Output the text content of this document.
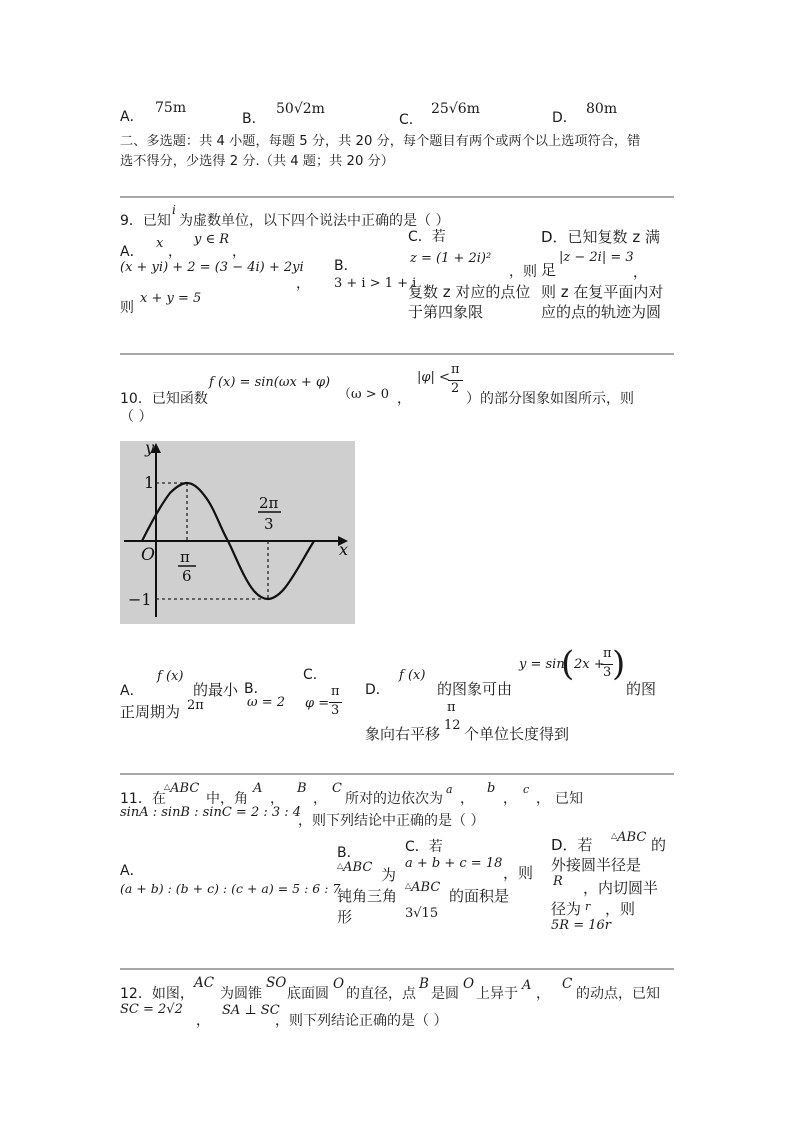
A．
75m
B．
50√2m
C．
25√6m
D．
80m
二、多选题：共 4 小题，每题 5 分，共 20 分，每个题目有两个或两个以上选项符合，错
选不得分，少选得 2 分.（共 4 题；共 20 分）
9．已知
i
为虚数单位，以下四个说法中正确的是（ ）
A．
x
，
y ∈ R
，
(x + yi) + 2 = (3 − 4i) + 2yi
，
则
x + y = 5
B．
3 + i > 1 + i
C．若
z = (1 + 2i)²
，则
复数 z 对应的点位
于第四象限
D．已知复数 z 满
足
|z − 2i| = 3
，
则 z 在复平面内对
应的点的轨迹为圆
10．已知函数
f (x) = sin(ωx + φ)
（ω > 0 ，
|φ| <
π
2
）的部分图象如图所示，则
（ ）
y
x
O
1
−1
π
6
2π
3
A．
f (x)
的最小
正周期为 2π
B．
ω = 2
C．
φ =
π
3
D．
f (x)
的图象可由
y = sin
( 2x +
π
3 )
的图
象向右平移
π
12 个单位长度得到
11．在
△ABC
中，角
A
，
B
，
C
所对的边依次为
a
，
b
，
c
， 已知
sinA : sinB : sinC = 2 : 3 : 4
，则下列结论中正确的是（ ）
A．
(a + b) : (b + c) : (c + a) = 5 : 6 : 7
B．
△ABC 为
钝角三角
形
C．若
a + b + c = 18
，则
△ABC 的面积是
3√15
D．若
△ABC 的
外接圆半径是
R ，内切圆半
径为 r ，则
5R = 16r
12．如图，
AC
为圆锥
SO
底面圆
O
的直径，点
B
是圆
O
上异于
A
，
C
的动点，已知
SC = 2√2
，
SA ⊥ SC
，则下列结论正确的是（ ）
